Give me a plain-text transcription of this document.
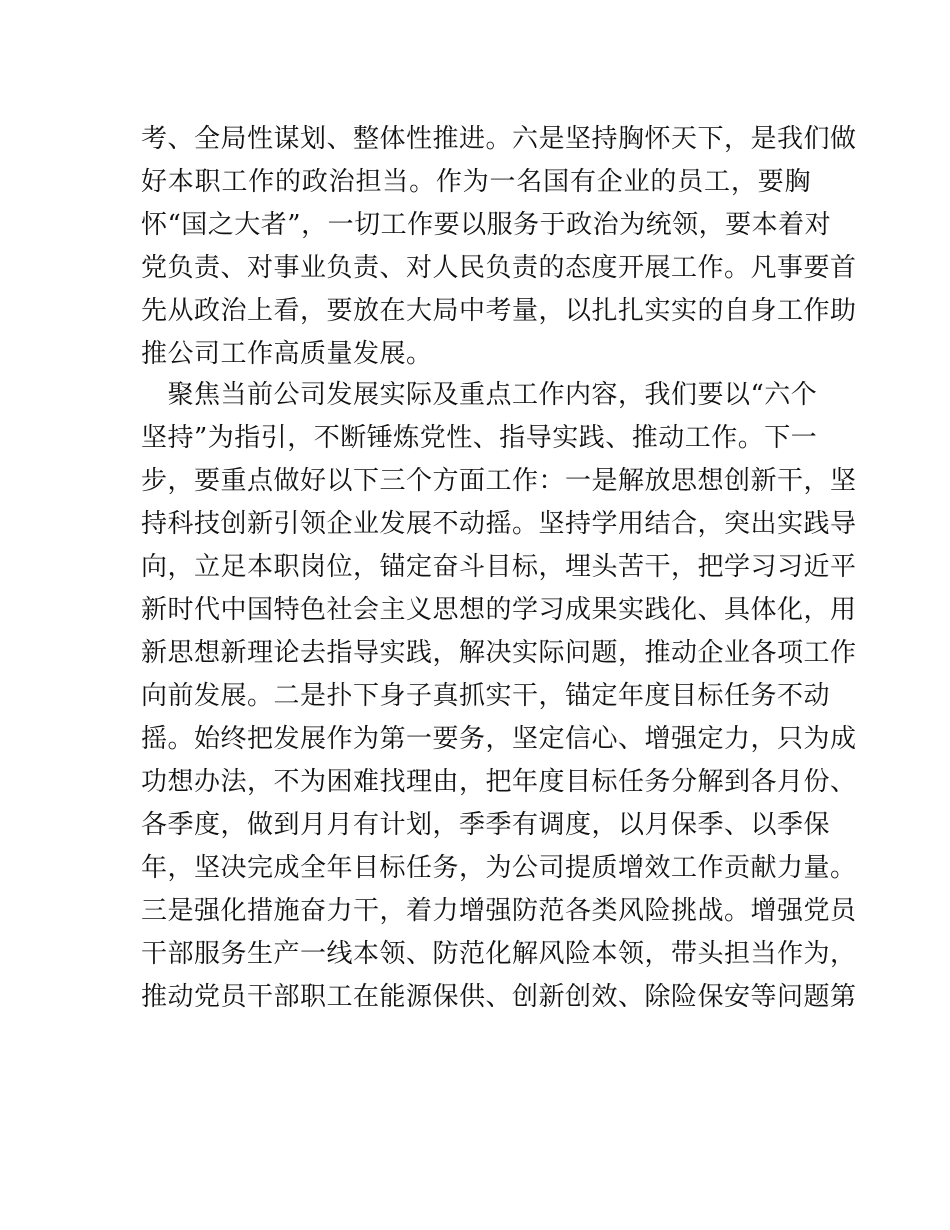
考、全局性谋划、整体性推进。六是坚持胸怀天下，是我们做
好本职工作的政治担当。作为一名国有企业的员工，要胸
怀“国之大者”，一切工作要以服务于政治为统领，要本着对
党负责、对事业负责、对人民负责的态度开展工作。凡事要首
先从政治上看，要放在大局中考量，以扎扎实实的自身工作助
推公司工作高质量发展。
　聚焦当前公司发展实际及重点工作内容，我们要以“六个
坚持”为指引，不断锤炼党性、指导实践、推动工作。下一
步，要重点做好以下三个方面工作：一是解放思想创新干，坚
持科技创新引领企业发展不动摇。坚持学用结合，突出实践导
向，立足本职岗位，锚定奋斗目标，埋头苦干，把学习习近平
新时代中国特色社会主义思想的学习成果实践化、具体化，用
新思想新理论去指导实践，解决实际问题，推动企业各项工作
向前发展。二是扑下身子真抓实干，锚定年度目标任务不动
摇。始终把发展作为第一要务，坚定信心、增强定力，只为成
功想办法，不为困难找理由，把年度目标任务分解到各月份、
各季度，做到月月有计划，季季有调度，以月保季、以季保
年，坚决完成全年目标任务，为公司提质增效工作贡献力量。
三是强化措施奋力干，着力增强防范各类风险挑战。增强党员
干部服务生产一线本领、防范化解风险本领，带头担当作为，
推动党员干部职工在能源保供、创新创效、除险保安等问题第
